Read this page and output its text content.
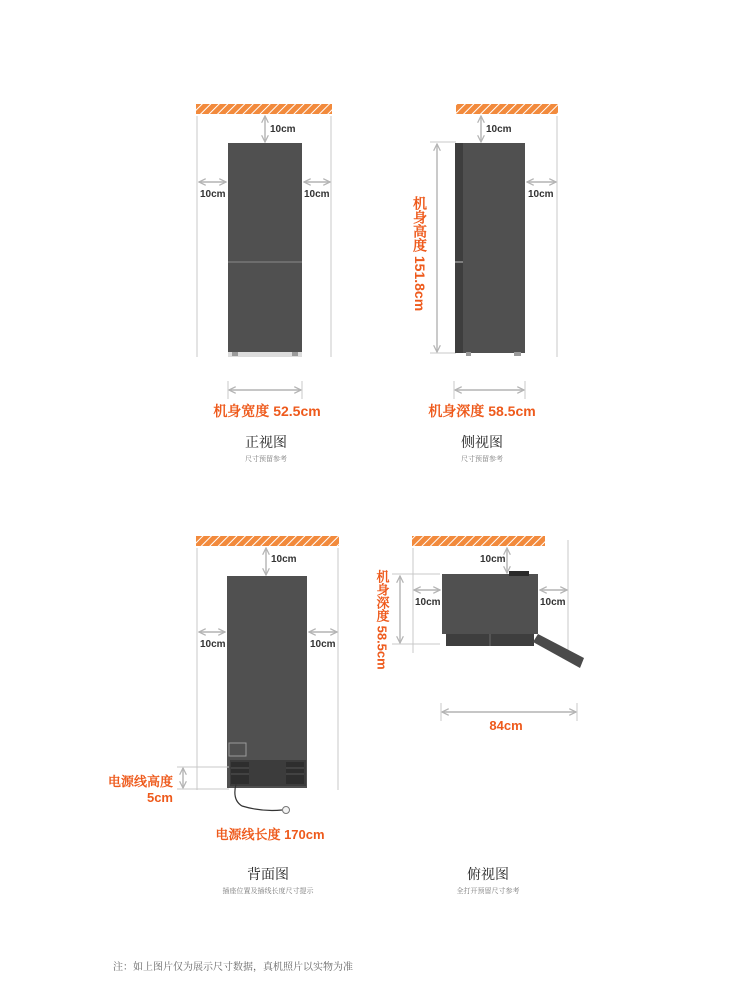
10cm
10cm	10cm
机身宽度 52.5cm
正视图
尺寸预留参考
10cm
10cm
机身高度 151.8cm
机身深度 58.5cm
侧视图
尺寸预留参考
10cm
10cm	10cm
电源线高度
5cm
电源线长度 170cm
背面图
插座位置及插线长度尺寸提示
10cm
10cm	10cm
机身深度 58.5cm
84cm
俯视图
全打开预留尺寸参考
注：如上图片仅为展示尺寸数据，真机照片以实物为准
